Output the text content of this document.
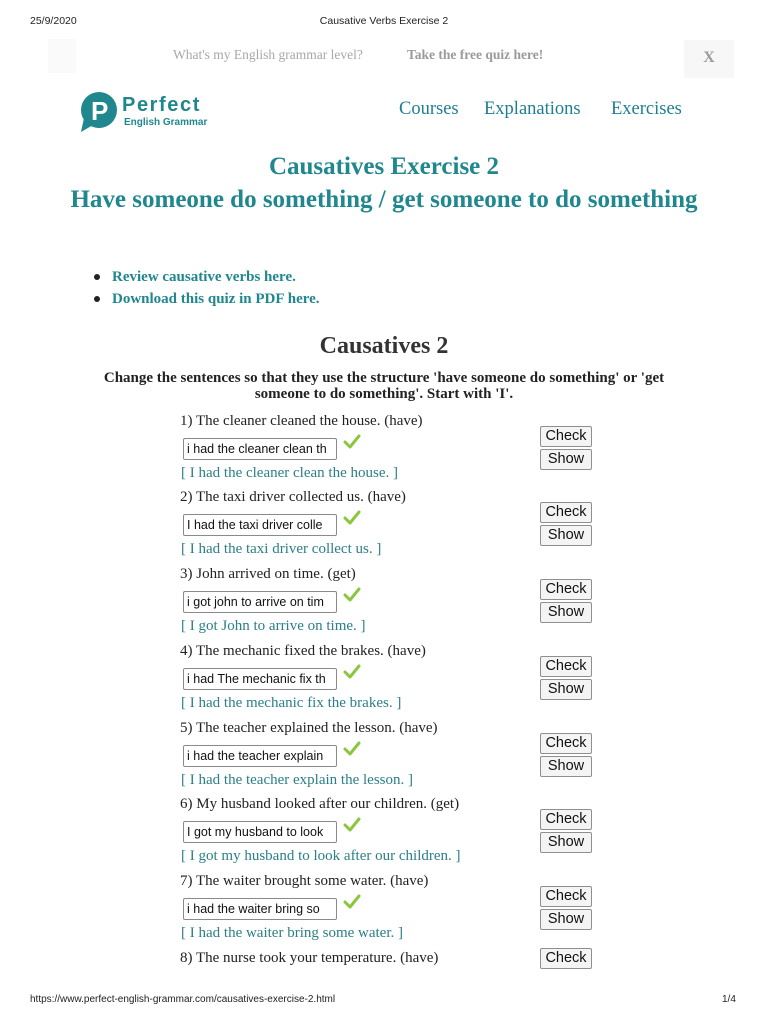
25/9/2020	Causative Verbs Exercise 2
What's my English grammar level?	Take the free quiz here!	X
P Perfect
English Grammar
Courses Explanations Exercises
Causatives Exercise 2
Have someone do something / get someone to do something
Review causative verbs here.
Download this quiz in PDF here.
Causatives 2
Change the sentences so that they use the structure 'have someone do something' or 'get someone to do something'. Start with 'I'.
1) The cleaner cleaned the house. (have)
i had the cleaner clean th
[ I had the cleaner clean the house. ]
Check
Show
2) The taxi driver collected us. (have)
I had the taxi driver colle
[ I had the taxi driver collect us. ]
Check
Show
3) John arrived on time. (get)
i got john to arrive on tim
[ I got John to arrive on time. ]
Check
Show
4) The mechanic fixed the brakes. (have)
i had The mechanic fix th
[ I had the mechanic fix the brakes. ]
Check
Show
5) The teacher explained the lesson. (have)
i had the teacher explain
[ I had the teacher explain the lesson. ]
Check
Show
6) My husband looked after our children. (get)
I got my husband to look
[ I got my husband to look after our children. ]
Check
Show
7) The waiter brought some water. (have)
i had the waiter bring so
[ I had the waiter bring some water. ]
Check
Show
8) The nurse took your temperature. (have)	Check
https://www.perfect-english-grammar.com/causatives-exercise-2.html	1/4
